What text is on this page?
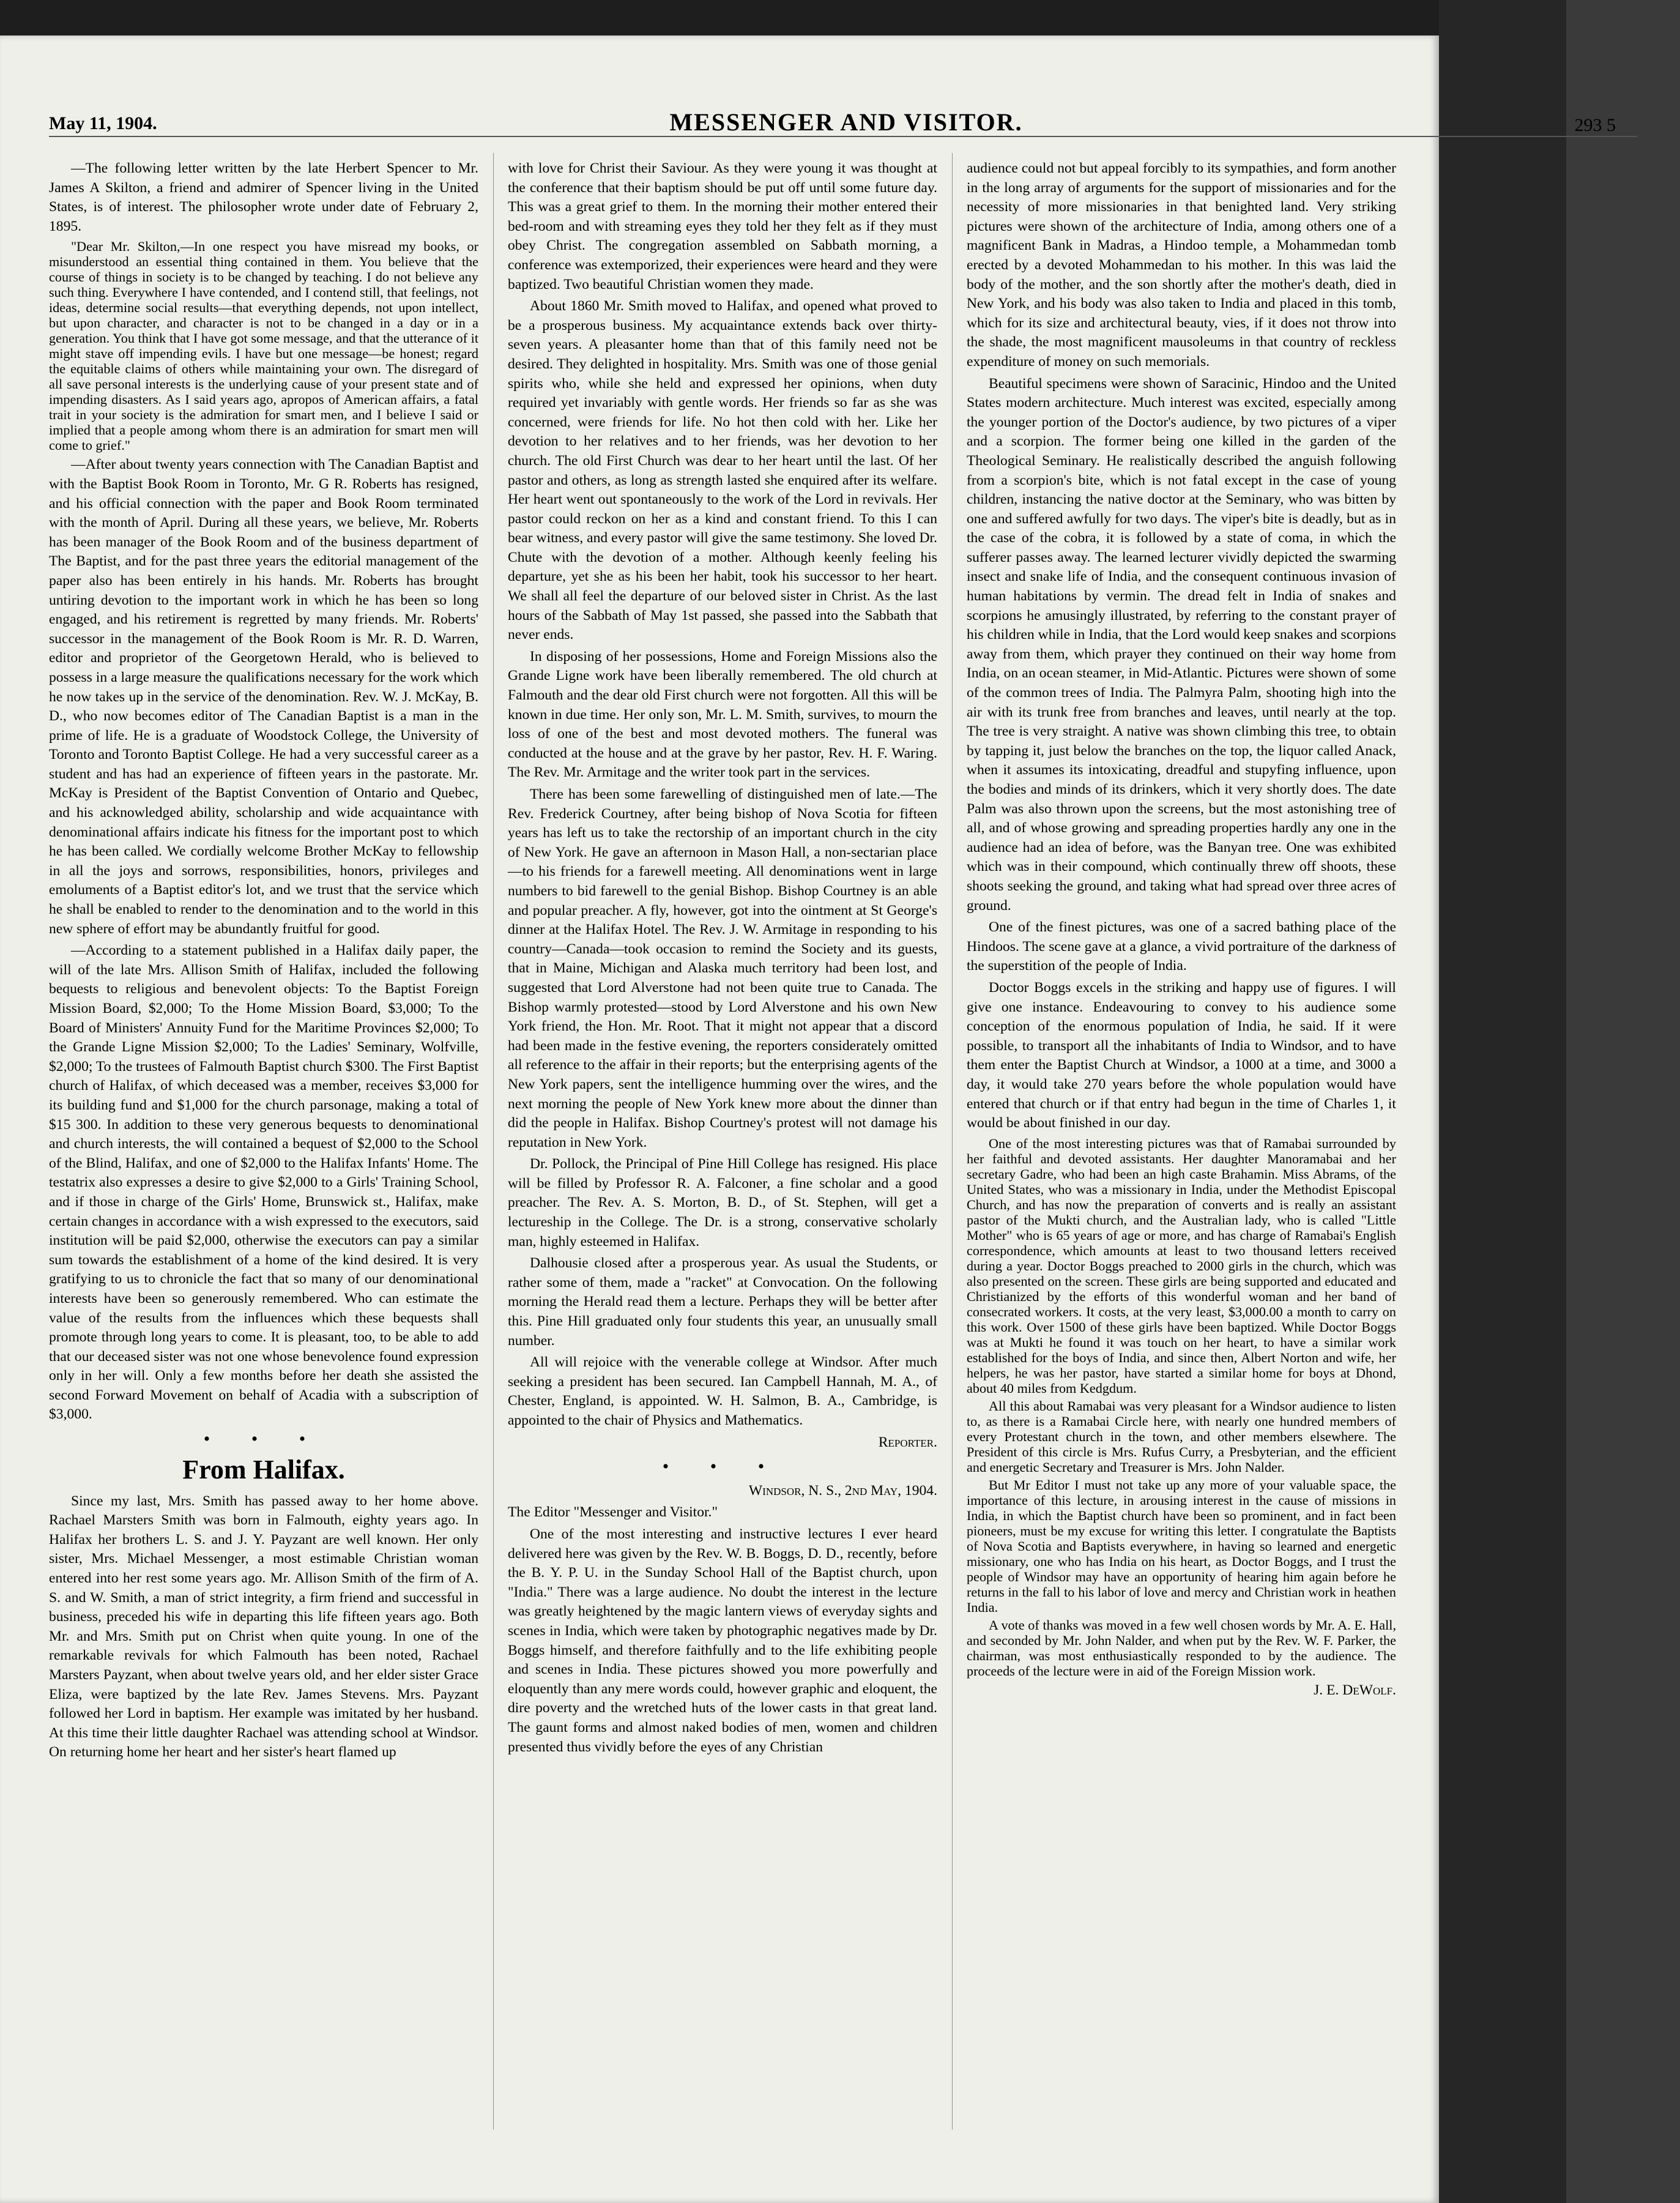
May 11, 1904.	MESSENGER AND VISITOR.	293 5

—The following letter written by the late Herbert Spencer to Mr. James A Skilton, a friend and admirer of Spencer living in the United States, is of interest. The philosopher wrote under date of February 2, 1895.

"Dear Mr. Skilton,—In one respect you have misread my books, or misunderstood an essential thing contained in them. You believe that the course of things in society is to be changed by teaching. I do not believe any such thing. Everywhere I have contended, and I contend still, that feelings, not ideas, determine social results—that everything depends, not upon intellect, but upon character, and character is not to be changed in a day or in a generation. You think that I have got some message, and that the utterance of it might stave off impending evils. I have but one message—be honest; regard the equitable claims of others while maintaining your own. The disregard of all save personal interests is the underlying cause of your present state and of impending disasters. As I said years ago, apropos of American affairs, a fatal trait in your society is the admiration for smart men, and I believe I said or implied that a people among whom there is an admiration for smart men will come to grief."

—After about twenty years connection with The Canadian Baptist and with the Baptist Book Room in Toronto, Mr. G R. Roberts has resigned, and his official connection with the paper and Book Room terminated with the month of April. During all these years, we believe, Mr. Roberts has been manager of the Book Room and of the business department of The Baptist, and for the past three years the editorial management of the paper also has been entirely in his hands. Mr. Roberts has brought untiring devotion to the important work in which he has been so long engaged, and his retirement is regretted by many friends. Mr. Roberts' successor in the management of the Book Room is Mr. R. D. Warren, editor and proprietor of the Georgetown Herald, who is believed to possess in a large measure the qualifications necessary for the work which he now takes up in the service of the denomination. Rev. W. J. McKay, B. D., who now becomes editor of The Canadian Baptist is a man in the prime of life. He is a graduate of Woodstock College, the University of Toronto and Toronto Baptist College. He had a very successful career as a student and has had an experience of fifteen years in the pastorate. Mr. McKay is President of the Baptist Convention of Ontario and Quebec, and his acknowledged ability, scholarship and wide acquaintance with denominational affairs indicate his fitness for the important post to which he has been called. We cordially welcome Brother McKay to fellowship in all the joys and sorrows, responsibilities, honors, privileges and emoluments of a Baptist editor's lot, and we trust that the service which he shall be enabled to render to the denomination and to the world in this new sphere of effort may be abundantly fruitful for good.

—According to a statement published in a Halifax daily paper, the will of the late Mrs. Allison Smith of Halifax, included the following bequests to religious and benevolent objects: To the Baptist Foreign Mission Board, $2,000; To the Home Mission Board, $3,000; To the Board of Ministers' Annuity Fund for the Maritime Provinces $2,000; To the Grande Ligne Mission $2,000; To the Ladies' Seminary, Wolfville, $2,000; To the trustees of Falmouth Baptist church $300. The First Baptist church of Halifax, of which deceased was a member, receives $3,000 for its building fund and $1,000 for the church parsonage, making a total of $15 300. In addition to these very generous bequests to denominational and church interests, the will contained a bequest of $2,000 to the School of the Blind, Halifax, and one of $2,000 to the Halifax Infants' Home. The testatrix also expresses a desire to give $2,000 to a Girls' Training School, and if those in charge of the Girls' Home, Brunswick st., Halifax, make certain changes in accordance with a wish expressed to the executors, said institution will be paid $2,000, otherwise the executors can pay a similar sum towards the establishment of a home of the kind desired. It is very gratifying to us to chronicle the fact that so many of our denominational interests have been so generously remembered. Who can estimate the value of the results from the influences which these bequests shall promote through long years to come. It is pleasant, too, to be able to add that our deceased sister was not one whose benevolence found expression only in her will. Only a few months before her death she assisted the second Forward Movement on behalf of Acadia with a subscription of $3,000.

• • •
From Halifax.

Since my last, Mrs. Smith has passed away to her home above. Rachael Marsters Smith was born in Falmouth, eighty years ago. In Halifax her brothers L. S. and J. Y. Payzant are well known. Her only sister, Mrs. Michael Messenger, a most estimable Christian woman entered into her rest some years ago. Mr. Allison Smith of the firm of A. S. and W. Smith, a man of strict integrity, a firm friend and successful in business, preceded his wife in departing this life fifteen years ago. Both Mr. and Mrs. Smith put on Christ when quite young. In one of the remarkable revivals for which Falmouth has been noted, Rachael Marsters Payzant, when about twelve years old, and her elder sister Grace Eliza, were baptized by the late Rev. James Stevens. Mrs. Payzant followed her Lord in baptism. Her example was imitated by her husband. At this time their little daughter Rachael was attending school at Windsor. On returning home her heart and her sister's heart flamed up

with love for Christ their Saviour. As they were young it was thought at the conference that their baptism should be put off until some future day. This was a great grief to them. In the morning their mother entered their bed-room and with streaming eyes they told her they felt as if they must obey Christ. The congregation assembled on Sabbath morning, a conference was extemporized, their experiences were heard and they were baptized. Two beautiful Christian women they made.

About 1860 Mr. Smith moved to Halifax, and opened what proved to be a prosperous business. My acquaintance extends back over thirty-seven years. A pleasanter home than that of this family need not be desired. They delighted in hospitality. Mrs. Smith was one of those genial spirits who, while she held and expressed her opinions, when duty required yet invariably with gentle words. Her friends so far as she was concerned, were friends for life. No hot then cold with her. Like her devotion to her relatives and to her friends, was her devotion to her church. The old First Church was dear to her heart until the last. Of her pastor and others, as long as strength lasted she enquired after its welfare. Her heart went out spontaneously to the work of the Lord in revivals. Her pastor could reckon on her as a kind and constant friend. To this I can bear witness, and every pastor will give the same testimony. She loved Dr. Chute with the devotion of a mother. Although keenly feeling his departure, yet she as his been her habit, took his successor to her heart. We shall all feel the departure of our beloved sister in Christ. As the last hours of the Sabbath of May 1st passed, she passed into the Sabbath that never ends.

In disposing of her possessions, Home and Foreign Missions also the Grande Ligne work have been liberally remembered. The old church at Falmouth and the dear old First church were not forgotten. All this will be known in due time. Her only son, Mr. L. M. Smith, survives, to mourn the loss of one of the best and most devoted mothers. The funeral was conducted at the house and at the grave by her pastor, Rev. H. F. Waring. The Rev. Mr. Armitage and the writer took part in the services.

There has been some farewelling of distinguished men of late.—The Rev. Frederick Courtney, after being bishop of Nova Scotia for fifteen years has left us to take the rectorship of an important church in the city of New York. He gave an afternoon in Mason Hall, a non-sectarian place—to his friends for a farewell meeting. All denominations went in large numbers to bid farewell to the genial Bishop. Bishop Courtney is an able and popular preacher. A fly, however, got into the ointment at St George's dinner at the Halifax Hotel. The Rev. J. W. Armitage in responding to his country—Canada—took occasion to remind the Society and its guests, that in Maine, Michigan and Alaska much territory had been lost, and suggested that Lord Alverstone had not been quite true to Canada. The Bishop warmly protested—stood by Lord Alverstone and his own New York friend, the Hon. Mr. Root. That it might not appear that a discord had been made in the festive evening, the reporters considerately omitted all reference to the affair in their reports; but the enterprising agents of the New York papers, sent the intelligence humming over the wires, and the next morning the people of New York knew more about the dinner than did the people in Halifax. Bishop Courtney's protest will not damage his reputation in New York.

Dr. Pollock, the Principal of Pine Hill College has resigned. His place will be filled by Professor R. A. Falconer, a fine scholar and a good preacher. The Rev. A. S. Morton, B. D., of St. Stephen, will get a lectureship in the College. The Dr. is a strong, conservative scholarly man, highly esteemed in Halifax.

Dalhousie closed after a prosperous year. As usual the Students, or rather some of them, made a "racket" at Convocation. On the following morning the Herald read them a lecture. Perhaps they will be better after this. Pine Hill graduated only four students this year, an unusually small number.

All will rejoice with the venerable college at Windsor. After much seeking a president has been secured. Ian Campbell Hannah, M. A., of Chester, England, is appointed. W. H. Salmon, B. A., Cambridge, is appointed to the chair of Physics and Mathematics.

Reporter.

• • •

Windsor, N. S., 2nd May, 1904.

The Editor "Messenger and Visitor."

One of the most interesting and instructive lectures I ever heard delivered here was given by the Rev. W. B. Boggs, D. D., recently, before the B. Y. P. U. in the Sunday School Hall of the Baptist church, upon "India." There was a large audience. No doubt the interest in the lecture was greatly heightened by the magic lantern views of everyday sights and scenes in India, which were taken by photographic negatives made by Dr. Boggs himself, and therefore faithfully and to the life exhibiting people and scenes in India. These pictures showed you more powerfully and eloquently than any mere words could, however graphic and eloquent, the dire poverty and the wretched huts of the lower casts in that great land. The gaunt forms and almost naked bodies of men, women and children presented thus vividly before the eyes of any Christian

audience could not but appeal forcibly to its sympathies, and form another in the long array of arguments for the support of missionaries and for the necessity of more missionaries in that benighted land. Very striking pictures were shown of the architecture of India, among others one of a magnificent Bank in Madras, a Hindoo temple, a Mohammedan tomb erected by a devoted Mohammedan to his mother. In this was laid the body of the mother, and the son shortly after the mother's death, died in New York, and his body was also taken to India and placed in this tomb, which for its size and architectural beauty, vies, if it does not throw into the shade, the most magnificent mausoleums in that country of reckless expenditure of money on such memorials.

Beautiful specimens were shown of Saracinic, Hindoo and the United States modern architecture. Much interest was excited, especially among the younger portion of the Doctor's audience, by two pictures of a viper and a scorpion. The former being one killed in the garden of the Theological Seminary. He realistically described the anguish following from a scorpion's bite, which is not fatal except in the case of young children, instancing the native doctor at the Seminary, who was bitten by one and suffered awfully for two days. The viper's bite is deadly, but as in the case of the cobra, it is followed by a state of coma, in which the sufferer passes away. The learned lecturer vividly depicted the swarming insect and snake life of India, and the consequent continuous invasion of human habitations by vermin. The dread felt in India of snakes and scorpions he amusingly illustrated, by referring to the constant prayer of his children while in India, that the Lord would keep snakes and scorpions away from them, which prayer they continued on their way home from India, on an ocean steamer, in Mid-Atlantic. Pictures were shown of some of the common trees of India. The Palmyra Palm, shooting high into the air with its trunk free from branches and leaves, until nearly at the top. The tree is very straight. A native was shown climbing this tree, to obtain by tapping it, just below the branches on the top, the liquor called Anack, when it assumes its intoxicating, dreadful and stupyfing influence, upon the bodies and minds of its drinkers, which it very shortly does. The date Palm was also thrown upon the screens, but the most astonishing tree of all, and of whose growing and spreading properties hardly any one in the audience had an idea of before, was the Banyan tree. One was exhibited which was in their compound, which continually threw off shoots, these shoots seeking the ground, and taking what had spread over three acres of ground.

One of the finest pictures, was one of a sacred bathing place of the Hindoos. The scene gave at a glance, a vivid portraiture of the darkness of the superstition of the people of India.

Doctor Boggs excels in the striking and happy use of figures. I will give one instance. Endeavouring to convey to his audience some conception of the enormous population of India, he said. If it were possible, to transport all the inhabitants of India to Windsor, and to have them enter the Baptist Church at Windsor, a 1000 at a time, and 3000 a day, it would take 270 years before the whole population would have entered that church or if that entry had begun in the time of Charles 1, it would be about finished in our day.

One of the most interesting pictures was that of Ramabai surrounded by her faithful and devoted assistants. Her daughter Manoramabai and her secretary Gadre, who had been an high caste Brahamin. Miss Abrams, of the United States, who was a missionary in India, under the Methodist Episcopal Church, and has now the preparation of converts and is really an assistant pastor of the Mukti church, and the Australian lady, who is called "Little Mother" who is 65 years of age or more, and has charge of Ramabai's English correspondence, which amounts at least to two thousand letters received during a year. Doctor Boggs preached to 2000 girls in the church, which was also presented on the screen. These girls are being supported and educated and Christianized by the efforts of this wonderful woman and her band of consecrated workers. It costs, at the very least, $3,000.00 a month to carry on this work. Over 1500 of these girls have been baptized. While Doctor Boggs was at Mukti he found it was touch on her heart, to have a similar work established for the boys of India, and since then, Albert Norton and wife, her helpers, he was her pastor, have started a similar home for boys at Dhond, about 40 miles from Kedgdum.

All this about Ramabai was very pleasant for a Windsor audience to listen to, as there is a Ramabai Circle here, with nearly one hundred members of every Protestant church in the town, and other members elsewhere. The President of this circle is Mrs. Rufus Curry, a Presbyterian, and the efficient and energetic Secretary and Treasurer is Mrs. John Nalder.

But Mr Editor I must not take up any more of your valuable space, the importance of this lecture, in arousing interest in the cause of missions in India, in which the Baptist church have been so prominent, and in fact been pioneers, must be my excuse for writing this letter. I congratulate the Baptists of Nova Scotia and Baptists everywhere, in having so learned and energetic missionary, one who has India on his heart, as Doctor Boggs, and I trust the people of Windsor may have an opportunity of hearing him again before he returns in the fall to his labor of love and mercy and Christian work in heathen India.

A vote of thanks was moved in a few well chosen words by Mr. A. E. Hall, and seconded by Mr. John Nalder, and when put by the Rev. W. F. Parker, the chairman, was most enthusiastically responded to by the audience. The proceeds of the lecture were in aid of the Foreign Mission work.

J. E. DeWolf.
